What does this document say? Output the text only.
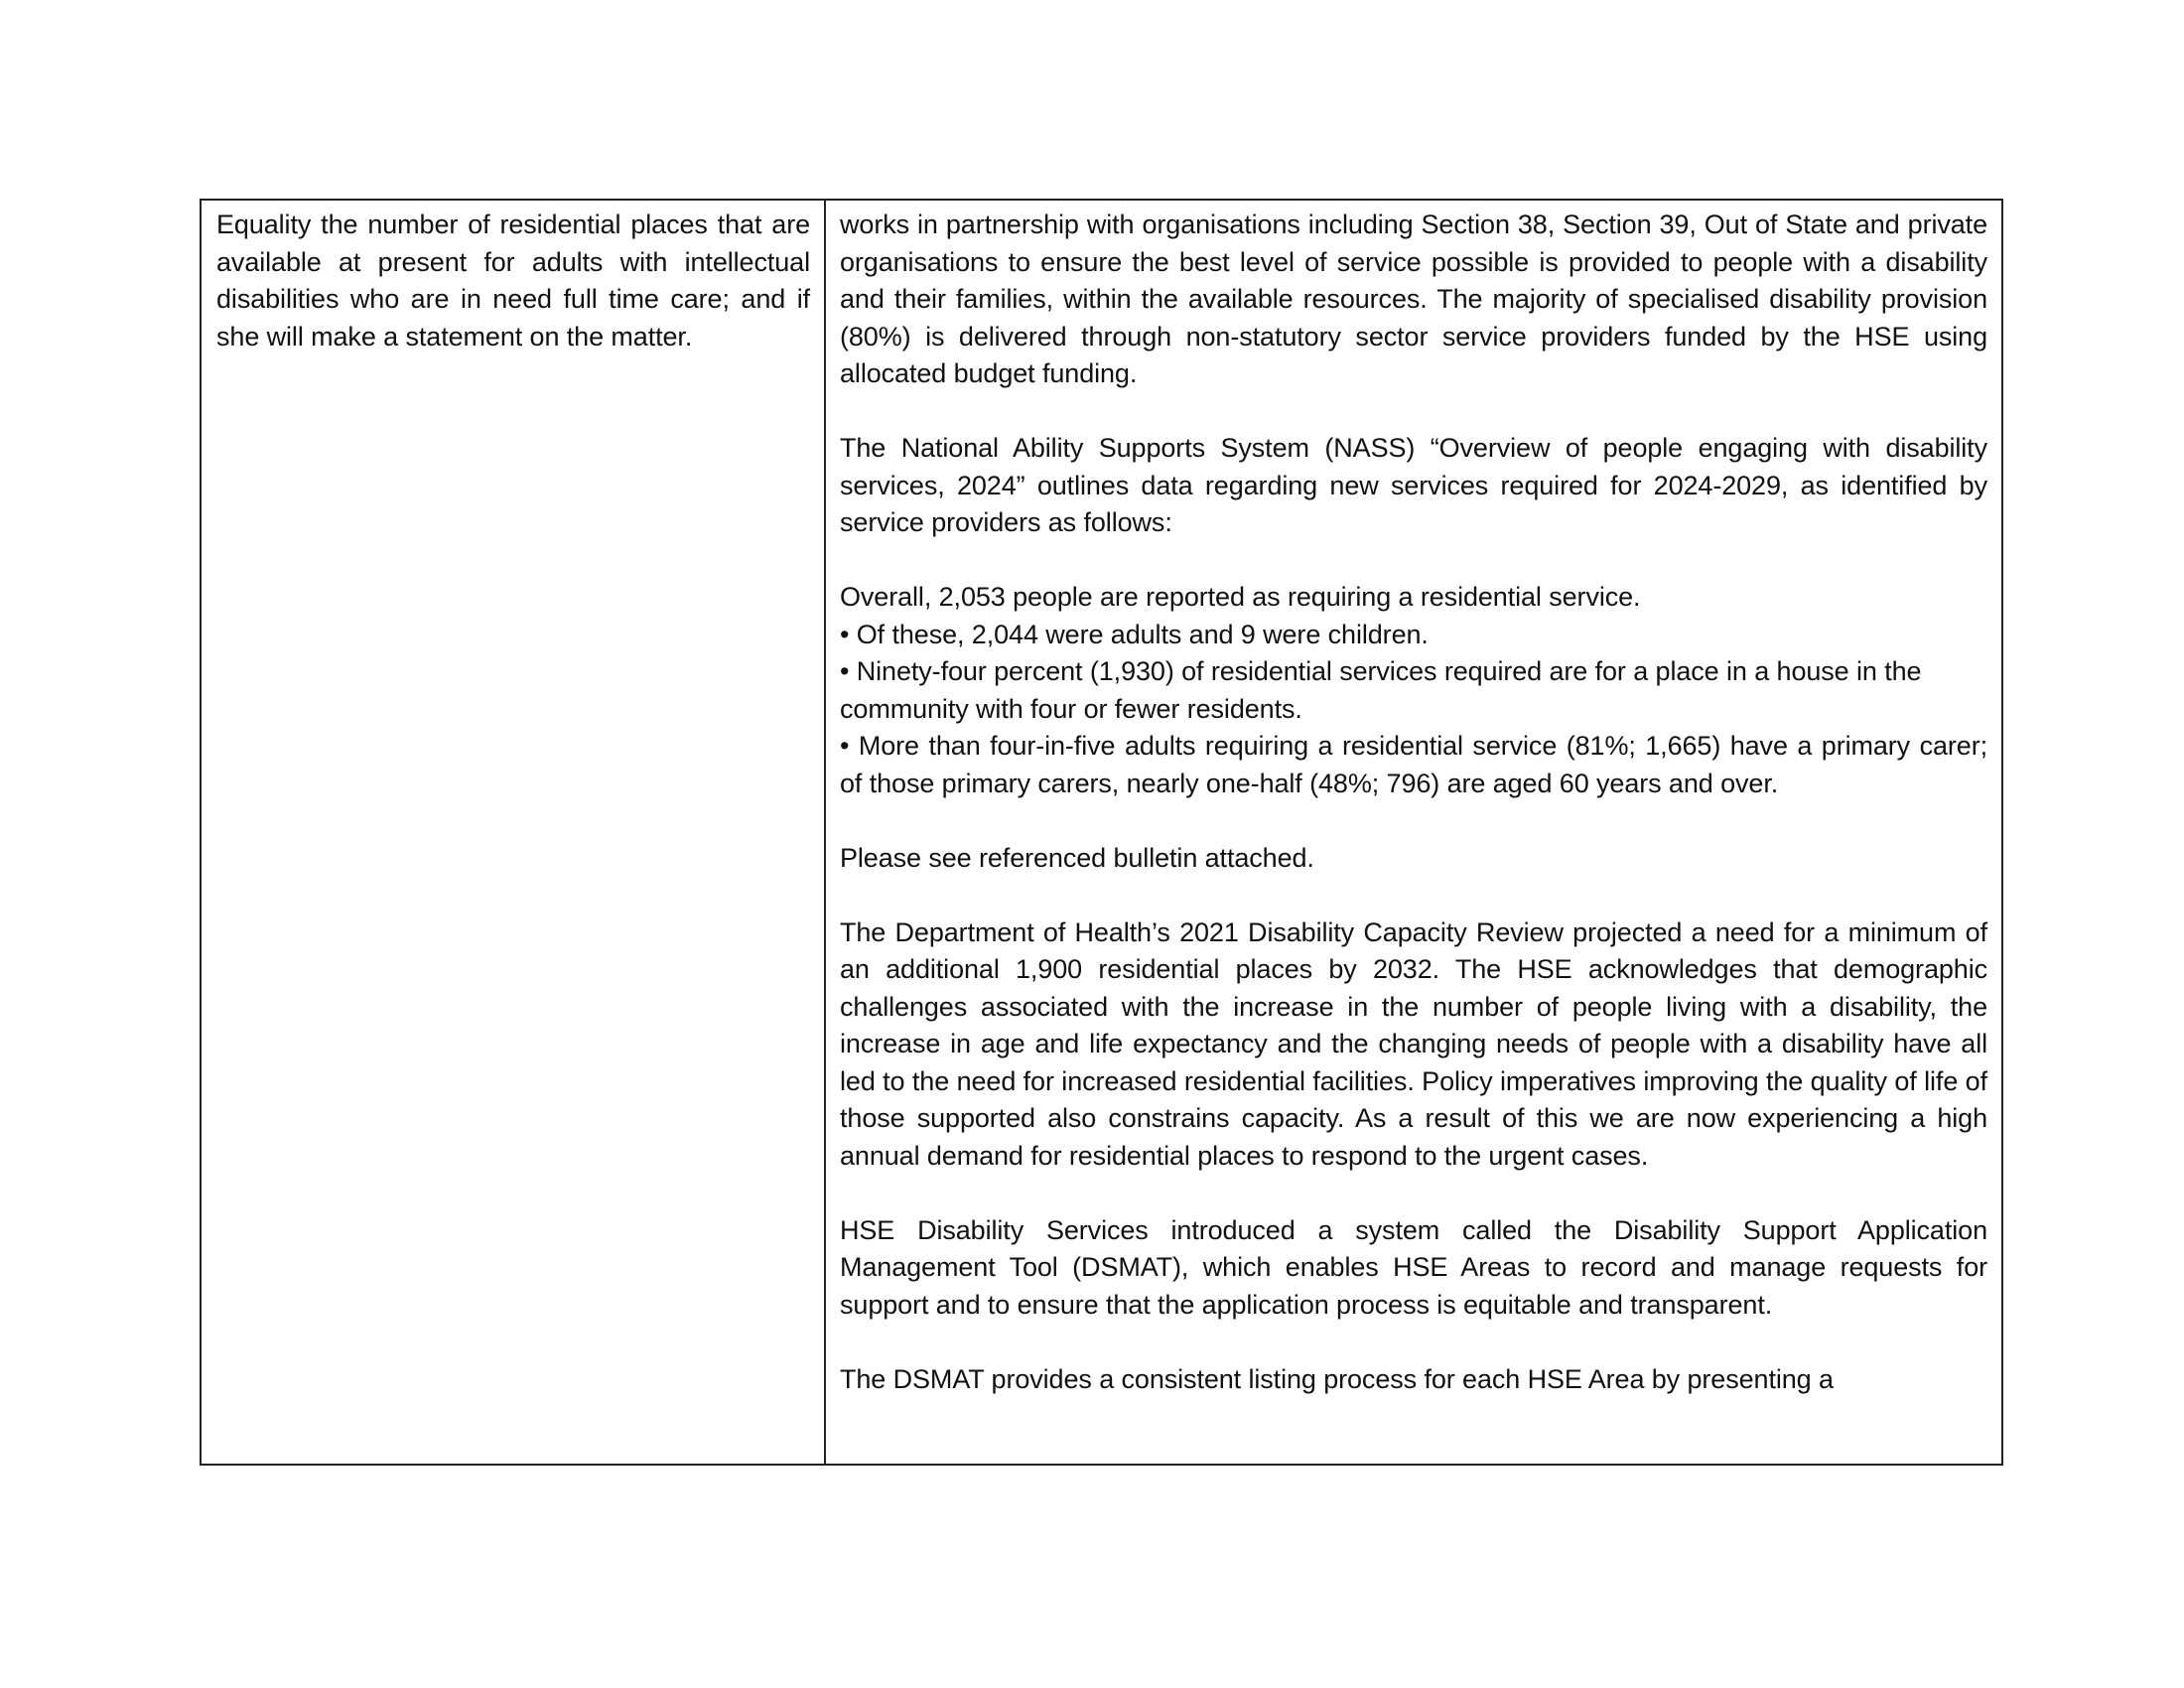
Equality the number of residential places that are available at present for adults with intellectual disabilities who are in need full time care; and if she will make a statement on the matter.

works in partnership with organisations including Section 38, Section 39, Out of State and private organisations to ensure the best level of service possible is provided to people with a disability and their families, within the available resources. The majority of specialised disability provision (80%) is delivered through non-statutory sector service providers funded by the HSE using allocated budget funding.

The National Ability Supports System (NASS) “Overview of people engaging with disability services, 2024” outlines data regarding new services required for 2024-2029, as identified by service providers as follows:

Overall, 2,053 people are reported as requiring a residential service.

• Of these, 2,044 were adults and 9 were children.

• Ninety-four percent (1,930) of residential services required are for a place in a house in the

community with four or fewer residents.

• More than four-in-five adults requiring a residential service (81%; 1,665) have a primary carer; of those primary carers, nearly one-half (48%; 796) are aged 60 years and over.

Please see referenced bulletin attached.

The Department of Health’s 2021 Disability Capacity Review projected a need for a minimum of an additional 1,900 residential places by 2032. The HSE acknowledges that demographic challenges associated with the increase in the number of people living with a disability, the increase in age and life expectancy and the changing needs of people with a disability have all led to the need for increased residential facilities. Policy imperatives improving the quality of life of those supported also constrains capacity. As a result of this we are now experiencing a high annual demand for residential places to respond to the urgent cases.

HSE Disability Services introduced a system called the Disability Support Application Management Tool (DSMAT), which enables HSE Areas to record and manage requests for support and to ensure that the application process is equitable and transparent.

The DSMAT provides a consistent listing process for each HSE Area by presenting a
